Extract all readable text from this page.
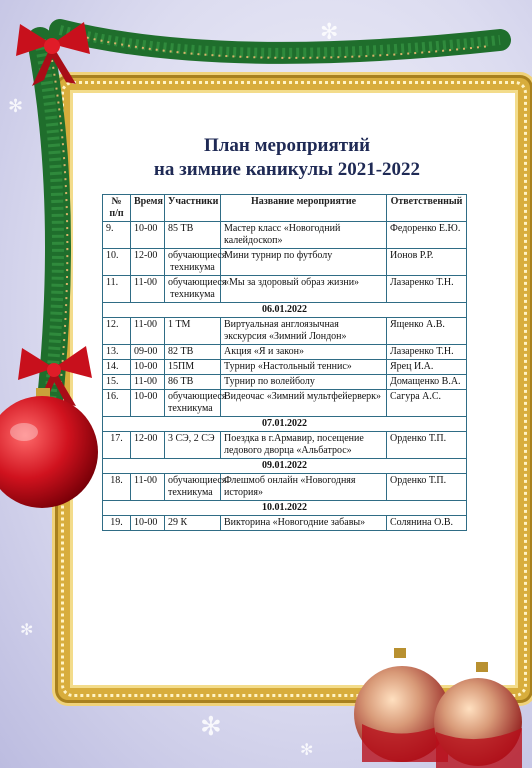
✻
✻	✻
✻
✻
✻
План мероприятий
на зимние каникулы 2021-2022
№ п/п	Время	Участники	Название мероприятие	Ответственный
9.	10-00	85 ТВ	Мастер класс «Новогодний калейдоскоп»	Федоренко Е.Ю.
10.	12-00	обучающиеся техникума	Мини турнир по футболу	Ионов Р.Р.
11.	11-00	обучающиеся техникума	«Мы за здоровый образ жизни»	Лазаренко Т.Н.
06.01.2022				
12.	11-00	1 ТМ	Виртуальная англоязычная экскурсия «Зимний Лондон»	Ященко А.В.
13.	09-00	82 ТВ	Акция «Я и закон»	Лазаренко Т.Н.
14.	10-00	15ПМ	Турнир «Настольный теннис»	Ярец И.А.
15.	11-00	86 ТВ	Турнир по волейболу	Домащенко В.А.
16.	10-00	обучающиеся техникума	Видеочас «Зимний мультфейерверк»	Сагура А.С.
07.01.2022				
17.	12-00	3 СЭ, 2 СЭ	Поездка в г.Армавир, посещение ледового дворца «Альбатрос»	Орденко Т.П.
09.01.2022				
18.	11-00	обучающиеся техникума	Флешмоб онлайн «Новогодняя история»	Орденко Т.П.
10.01.2022				
19.	10-00	29 К	Викторина «Новогодние забавы»	Солянина О.В.
